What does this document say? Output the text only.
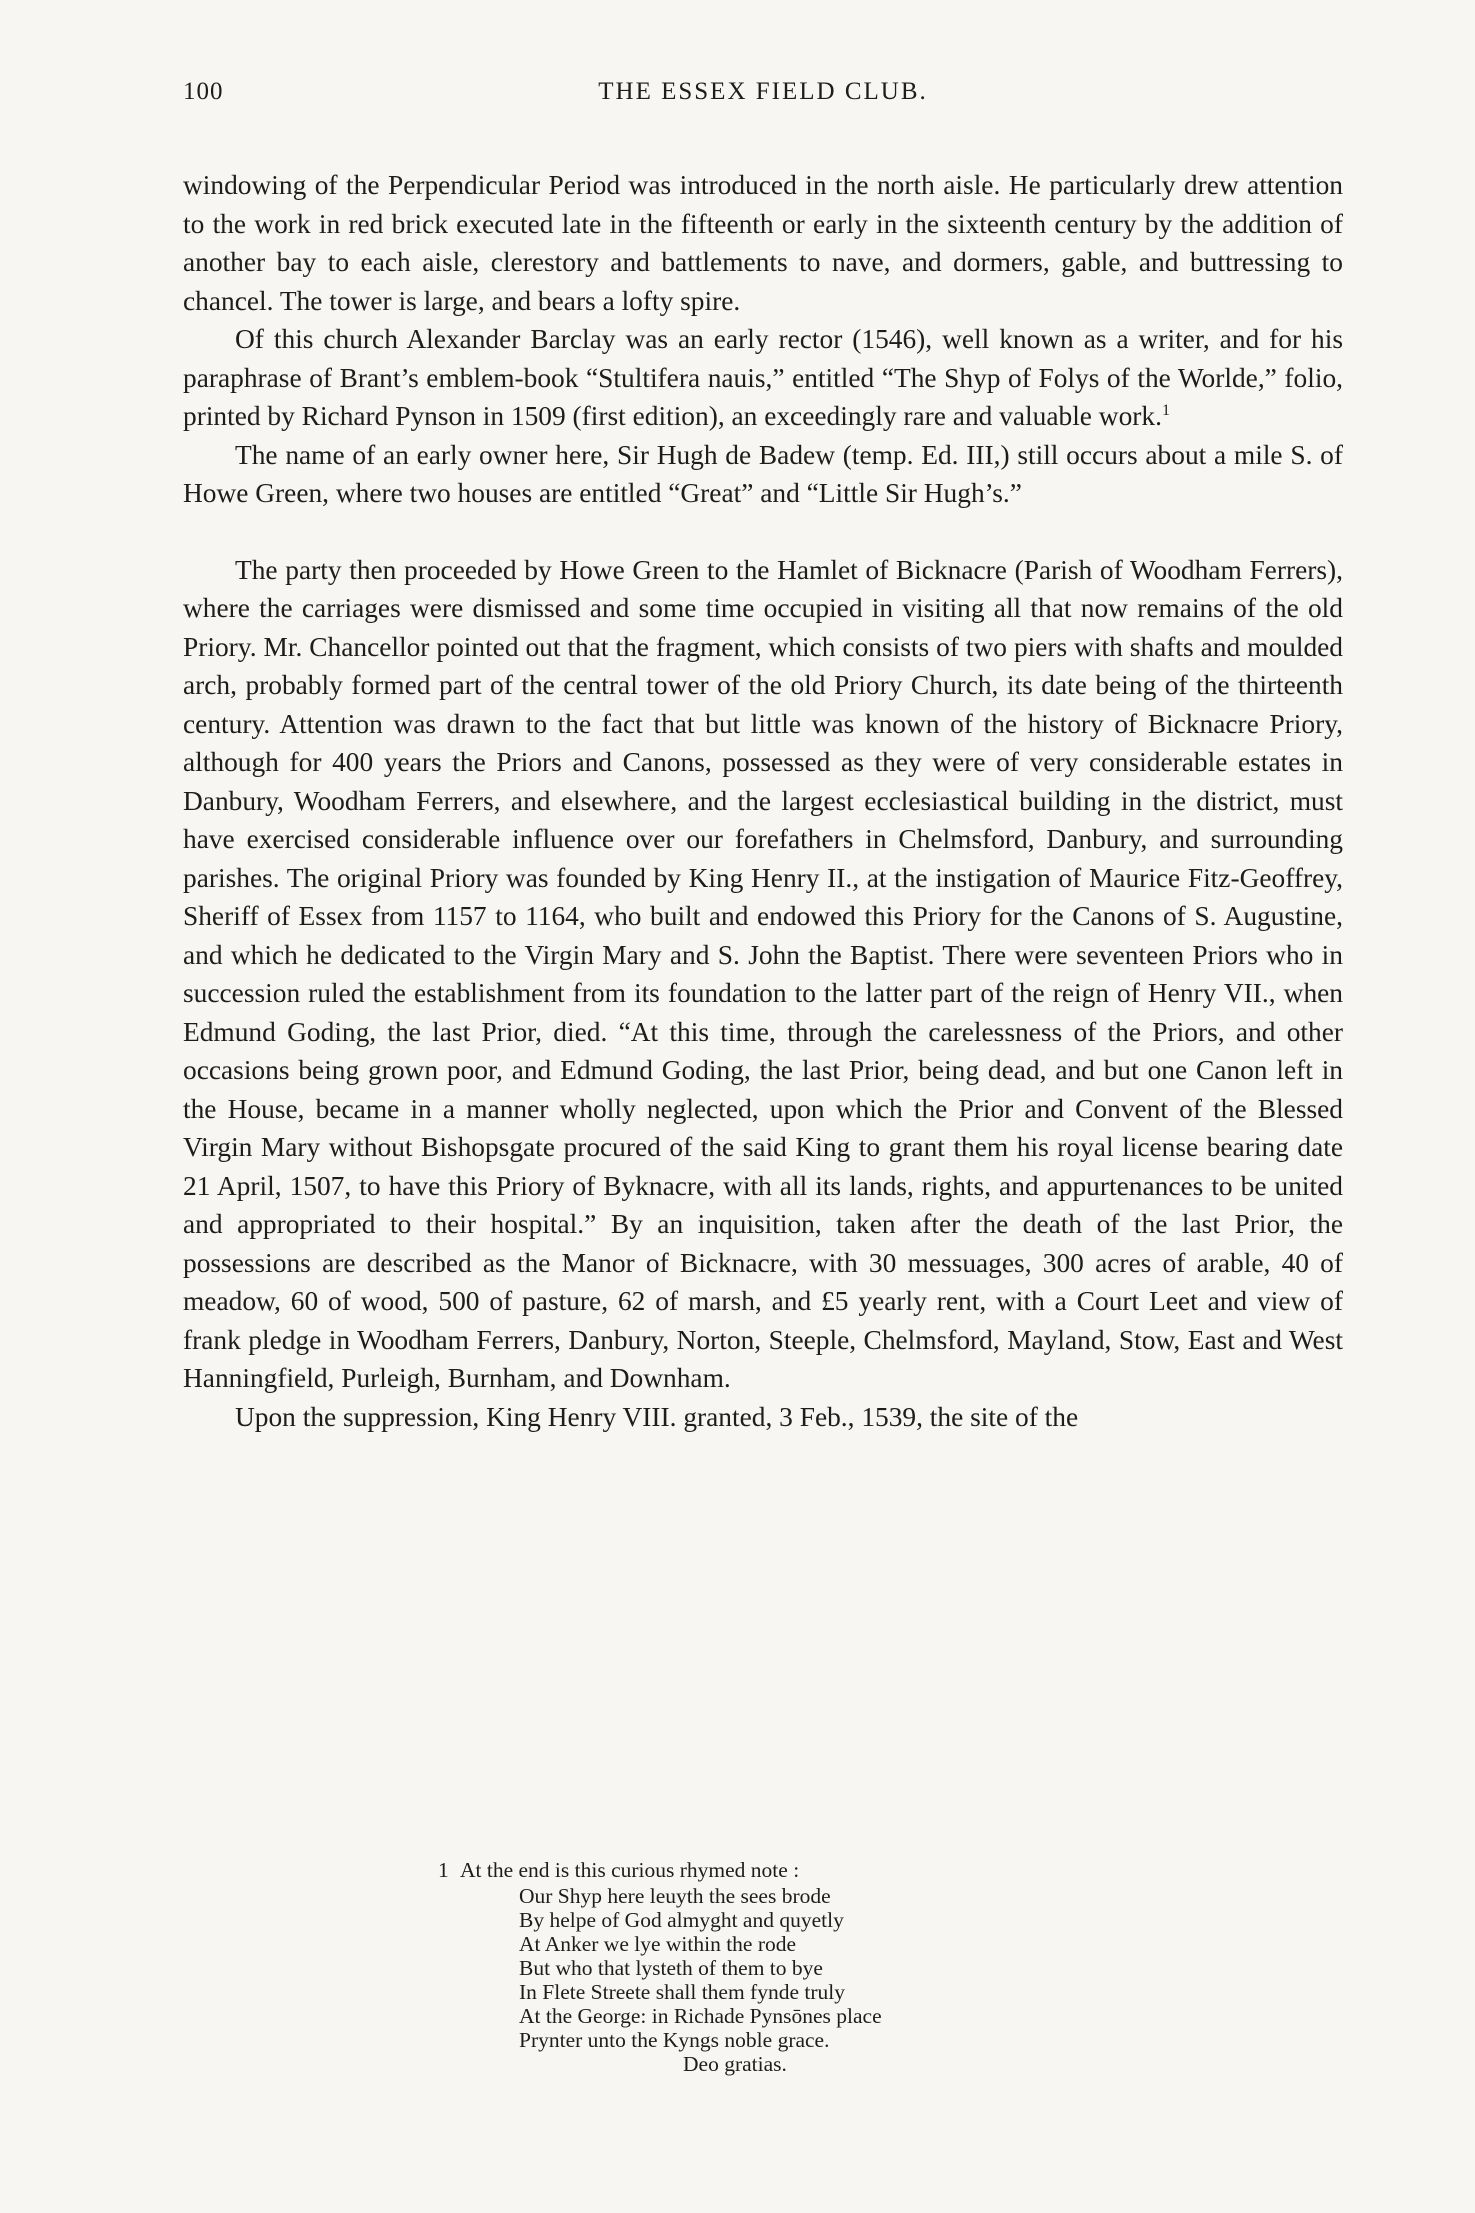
100	THE ESSEX FIELD CLUB.

windowing of the Perpendicular Period was introduced in the north aisle. He particularly drew attention to the work in red brick executed late in the fifteenth or early in the sixteenth century by the addition of another bay to each aisle, clerestory and battlements to nave, and dormers, gable, and buttressing to chancel. The tower is large, and bears a lofty spire.

Of this church Alexander Barclay was an early rector (1546), well known as a writer, and for his paraphrase of Brant’s emblem-book “Stultifera nauis,” entitled “The Shyp of Folys of the Worlde,” folio, printed by Richard Pynson in 1509 (first edition), an exceedingly rare and valuable work.$^1$

The name of an early owner here, Sir Hugh de Badew (temp. Ed. III,) still occurs about a mile S. of Howe Green, where two houses are entitled “Great” and “Little Sir Hugh’s.”

The party then proceeded by Howe Green to the Hamlet of Bicknacre (Parish of Woodham Ferrers), where the carriages were dismissed and some time occupied in visiting all that now remains of the old Priory. Mr. Chancellor pointed out that the fragment, which consists of two piers with shafts and moulded arch, probably formed part of the central tower of the old Priory Church, its date being of the thirteenth century. Attention was drawn to the fact that but little was known of the history of Bicknacre Priory, although for 400 years the Priors and Canons, possessed as they were of very considerable estates in Danbury, Woodham Ferrers, and elsewhere, and the largest ecclesiastical building in the district, must have exercised considerable influence over our forefathers in Chelmsford, Danbury, and surrounding parishes. The original Priory was founded by King Henry II., at the instigation of Maurice Fitz-Geoffrey, Sheriff of Essex from 1157 to 1164, who built and endowed this Priory for the Canons of S. Augustine, and which he dedicated to the Virgin Mary and S. John the Baptist. There were seventeen Priors who in succession ruled the establishment from its foundation to the latter part of the reign of Henry VII., when Edmund Goding, the last Prior, died. “At this time, through the carelessness of the Priors, and other occasions being grown poor, and Edmund Goding, the last Prior, being dead, and but one Canon left in the House, became in a manner wholly neglected, upon which the Prior and Convent of the Blessed Virgin Mary without Bishopsgate procured of the said King to grant them his royal license bearing date 21 April, 1507, to have this Priory of Byknacre, with all its lands, rights, and appurtenances to be united and appropriated to their hospital.” By an inquisition, taken after the death of the last Prior, the possessions are described as the Manor of Bicknacre, with 30 messuages, 300 acres of arable, 40 of meadow, 60 of wood, 500 of pasture, 62 of marsh, and £5 yearly rent, with a Court Leet and view of frank pledge in Woodham Ferrers, Danbury, Norton, Steeple, Chelmsford, Mayland, Stow, East and West Hanningfield, Purleigh, Burnham, and Downham.

Upon the suppression, King Henry VIII. granted, 3 Feb., 1539, the site of the

1 At the end is this curious rhymed note :

Our Shyp here leuyth the sees brode
By helpe of God almyght and quyetly
At Anker we lye within the rode
But who that lysteth of them to bye
In Flete Streete shall them fynde truly
At the George: in Richade Pynsōnes place
Prynter unto the Kyngs noble grace.
Deo gratias.
